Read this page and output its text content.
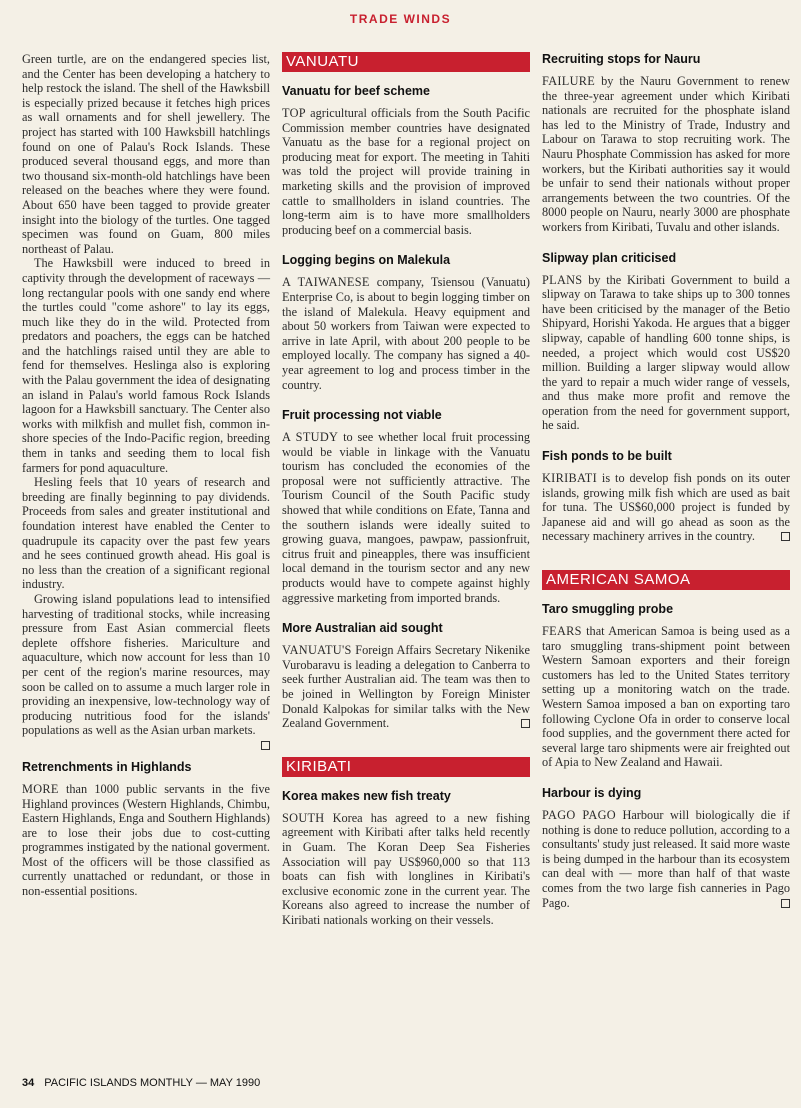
TRADE WINDS

Green turtle, are on the endangered species list, and the Center has been developing a hatchery to help restock the island. The shell of the Hawksbill is especially prized because it fetches high prices as wall ornaments and for shell jewellery. The project has started with 100 Hawksbill hatchlings found on one of Palau's Rock Islands. These produced several thousand eggs, and more than two thousand six-month-old hatchlings have been released on the beaches where they were found. About 650 have been tagged to provide greater insight into the biology of the turtles. One tagged specimen was found on Guam, 800 miles northeast of Palau.

The Hawksbill were induced to breed in captivity through the development of raceways — long rectangular pools with one sandy end where the turtles could "come ashore" to lay its eggs, much like they do in the wild. Protected from predators and poachers, the eggs can be hatched and the hatchlings raised until they are able to fend for themselves. Heslinga also is exploring with the Palau government the idea of designating an island in Palau's world famous Rock Islands lagoon for a Hawksbill sanctuary. The Center also works with milkfish and mullet fish, common in-shore species of the Indo-Pacific region, breeding them in tanks and seeding them to local fish farmers for pond aquaculture.

Hesling feels that 10 years of research and breeding are finally beginning to pay dividends. Proceeds from sales and greater institutional and foundation interest have enabled the Center to quadrupule its capacity over the past few years and he sees continued growth ahead. His goal is no less than the creation of a significant regional industry.

Growing island populations lead to intensified harvesting of traditional stocks, while increasing pressure from East Asian commercial fleets deplete offshore fisheries. Mariculture and aquaculture, which now account for less than 10 per cent of the region's marine resources, may soon be called on to assume a much larger role in providing an inexpensive, low-technology way of producing nutritious food for the islands' populations as well as the Asian urban markets.

Retrenchments in Highlands

MORE than 1000 public servants in the five Highland provinces (Western Highlands, Chimbu, Eastern Highlands, Enga and Southern Highlands) are to lose their jobs due to cost-cutting programmes instigated by the national goverment. Most of the officers will be those classified as currently unattached or redundant, or those in non-essential positions.

VANUATU
Vanuatu for beef scheme

TOP agricultural officials from the South Pacific Commission member countries have designated Vanuatu as the base for a regional project on producing meat for export. The meeting in Tahiti was told the project will provide training in marketing skills and the provision of improved cattle to smallholders in island countries. The long-term aim is to have more smallholders producing beef on a commercial basis.

Logging begins on Malekula

A TAIWANESE company, Tsiensou (Vanuatu) Enterprise Co, is about to begin logging timber on the island of Malekula. Heavy equipment and about 50 workers from Taiwan were expected to arrive in late April, with about 200 people to be employed locally. The company has signed a 40-year agreement to log and process timber in the country.

Fruit processing not viable

A STUDY to see whether local fruit processing would be viable in linkage with the Vanuatu tourism has concluded the economies of the proposal were not sufficiently attractive. The Tourism Council of the South Pacific study showed that while conditions on Efate, Tanna and the southern islands were ideally suited to growing guava, mangoes, pawpaw, passionfruit, citrus fruit and pineapples, there was insufficient local demand in the tourism sector and any new products would have to compete against highly aggressive marketing from imported brands.

More Australian aid sought

VANUATU'S Foreign Affairs Secretary Nikenike Vurobaravu is leading a delegation to Canberra to seek further Australian aid. The team was then to be joined in Wellington by Foreign Minister Donald Kalpokas for similar talks with the New Zealand Government.

KIRIBATI
Korea makes new fish treaty

SOUTH Korea has agreed to a new fishing agreement with Kiribati after talks held recently in Guam. The Koran Deep Sea Fisheries Association will pay US$960,000 so that 113 boats can fish with longlines in Kiribati's exclusive economic zone in the current year. The Koreans also agreed to increase the number of Kiribati nationals working on their vessels.

Recruiting stops for Nauru

FAILURE by the Nauru Government to renew the three-year agreement under which Kiribati nationals are recruited for the phosphate island has led to the Ministry of Trade, Industry and Labour on Tarawa to stop recruiting work. The Nauru Phosphate Commission has asked for more workers, but the Kiribati authorities say it would be unfair to send their nationals without proper arrangements between the two countries. Of the 8000 people on Nauru, nearly 3000 are phosphate workers from Kiribati, Tuvalu and other islands.

Slipway plan criticised

PLANS by the Kiribati Government to build a slipway on Tarawa to take ships up to 300 tonnes have been criticised by the manager of the Betio Shipyard, Horishi Yakoda. He argues that a bigger slipway, capable of handling 600 tonne ships, is needed, a project which would cost US$20 million. Building a larger slipway would allow the yard to repair a much wider range of vessels, and thus make more profit and remove the operation from the need for government support, he said.

Fish ponds to be built

KIRIBATI is to develop fish ponds on its outer islands, growing milk fish which are used as bait for tuna. The US$60,000 project is funded by Japanese aid and will go ahead as soon as the necessary machinery arrives in the country.

AMERICAN SAMOA
Taro smuggling probe

FEARS that American Samoa is being used as a taro smuggling trans-shipment point between Western Samoan exporters and their foreign customers has led to the United States territory setting up a monitoring watch on the trade. Western Samoa imposed a ban on exporting taro following Cyclone Ofa in order to conserve local food supplies, and the government there acted for several large taro shipments were air freighted out of Apia to New Zealand and Hawaii.

Harbour is dying

PAGO PAGO Harbour will biologically die if nothing is done to reduce pollution, according to a consultants' study just released. It said more waste is being dumped in the harbour than its ecosystem can deal with — more than half of that waste comes from the two large fish canneries in Pago Pago.

34 PACIFIC ISLANDS MONTHLY — MAY 1990
